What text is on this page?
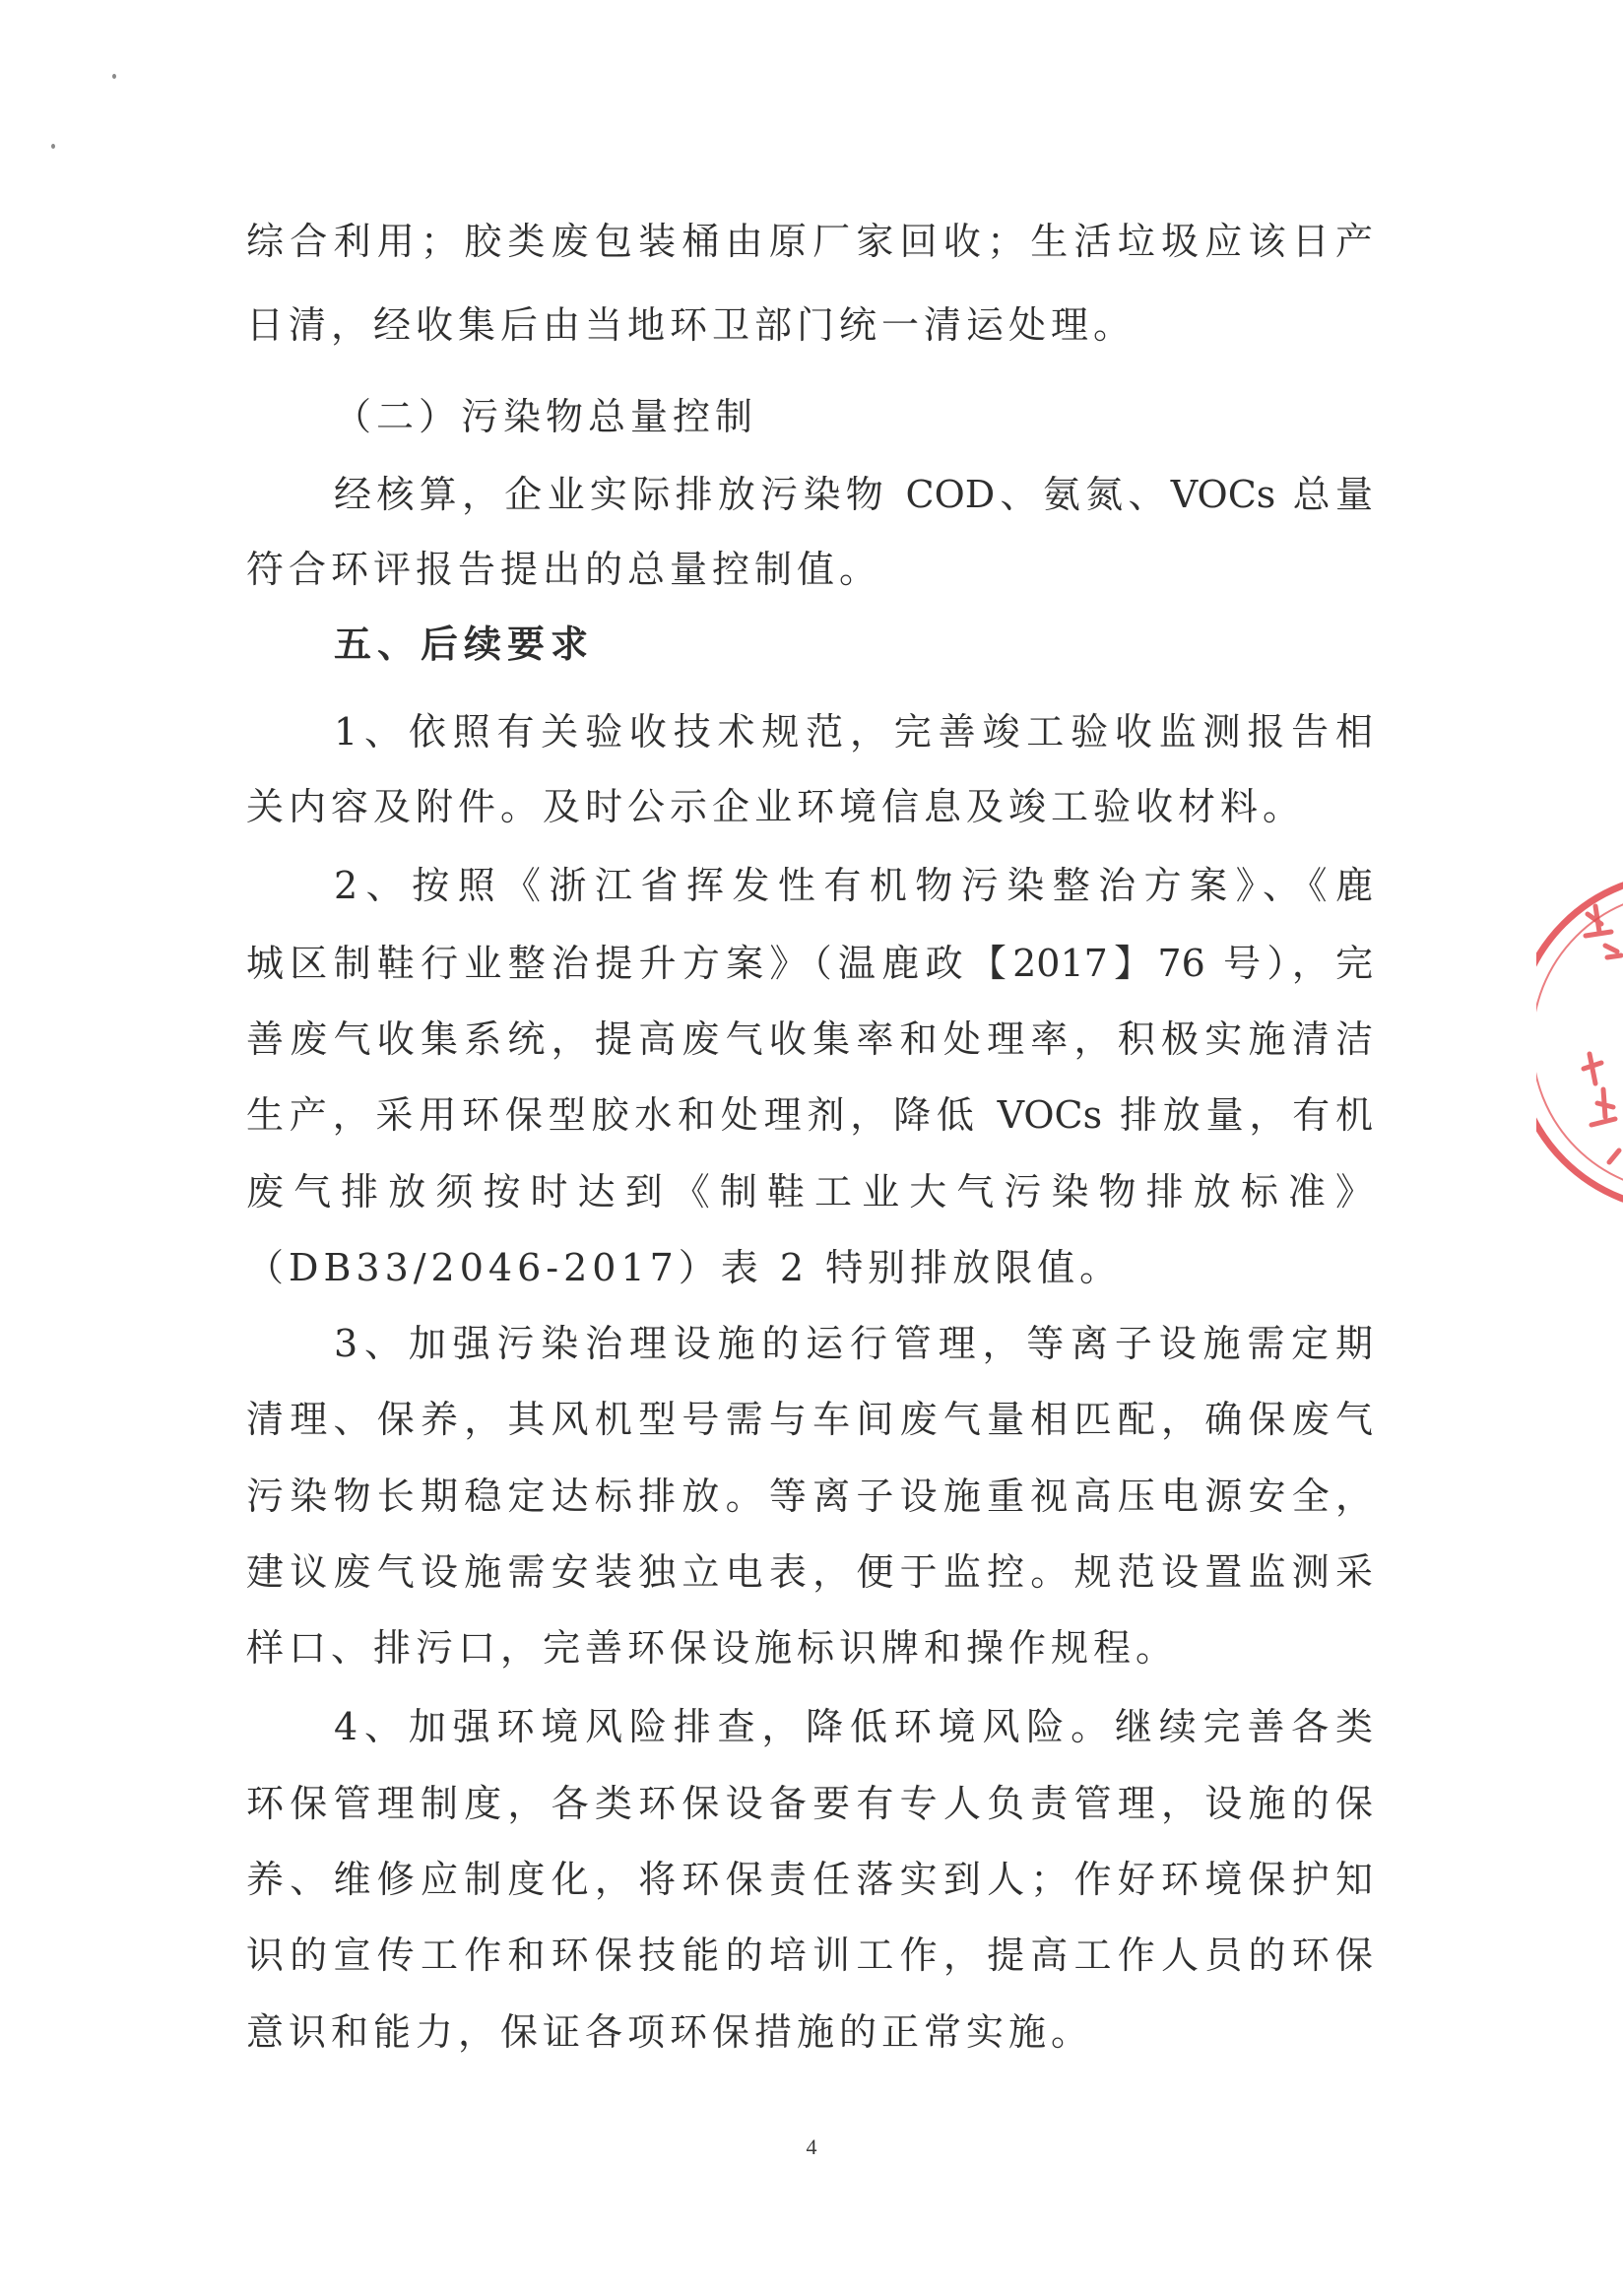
综合利用；胶类废包装桶由原厂家回收；生活垃圾应该日产
日清，经收集后由当地环卫部门统一清运处理。
（二）污染物总量控制
经核算，企业实际排放污染物 COD、氨氮、VOCs 总量
符合环评报告提出的总量控制值。
五、后续要求
1、依照有关验收技术规范，完善竣工验收监测报告相
关内容及附件。及时公示企业环境信息及竣工验收材料。
2、按照《浙江省挥发性有机物污染整治方案》、《鹿
城区制鞋行业整治提升方案》（温鹿政【2017】76 号），完
善废气收集系统，提高废气收集率和处理率，积极实施清洁
生产，采用环保型胶水和处理剂，降低 VOCs 排放量，有机
废气排放须按时达到《制鞋工业大气污染物排放标准》
（DB33/2046-2017）表 2 特别排放限值。
3、加强污染治理设施的运行管理，等离子设施需定期
清理、保养，其风机型号需与车间废气量相匹配，确保废气
污染物长期稳定达标排放。等离子设施重视高压电源安全，
建议废气设施需安装独立电表，便于监控。规范设置监测采
样口、排污口，完善环保设施标识牌和操作规程。
4、加强环境风险排查，降低环境风险。继续完善各类
环保管理制度，各类环保设备要有专人负责管理，设施的保
养、维修应制度化，将环保责任落实到人；作好环境保护知
识的宣传工作和环保技能的培训工作，提高工作人员的环保
意识和能力，保证各项环保措施的正常实施。
4
